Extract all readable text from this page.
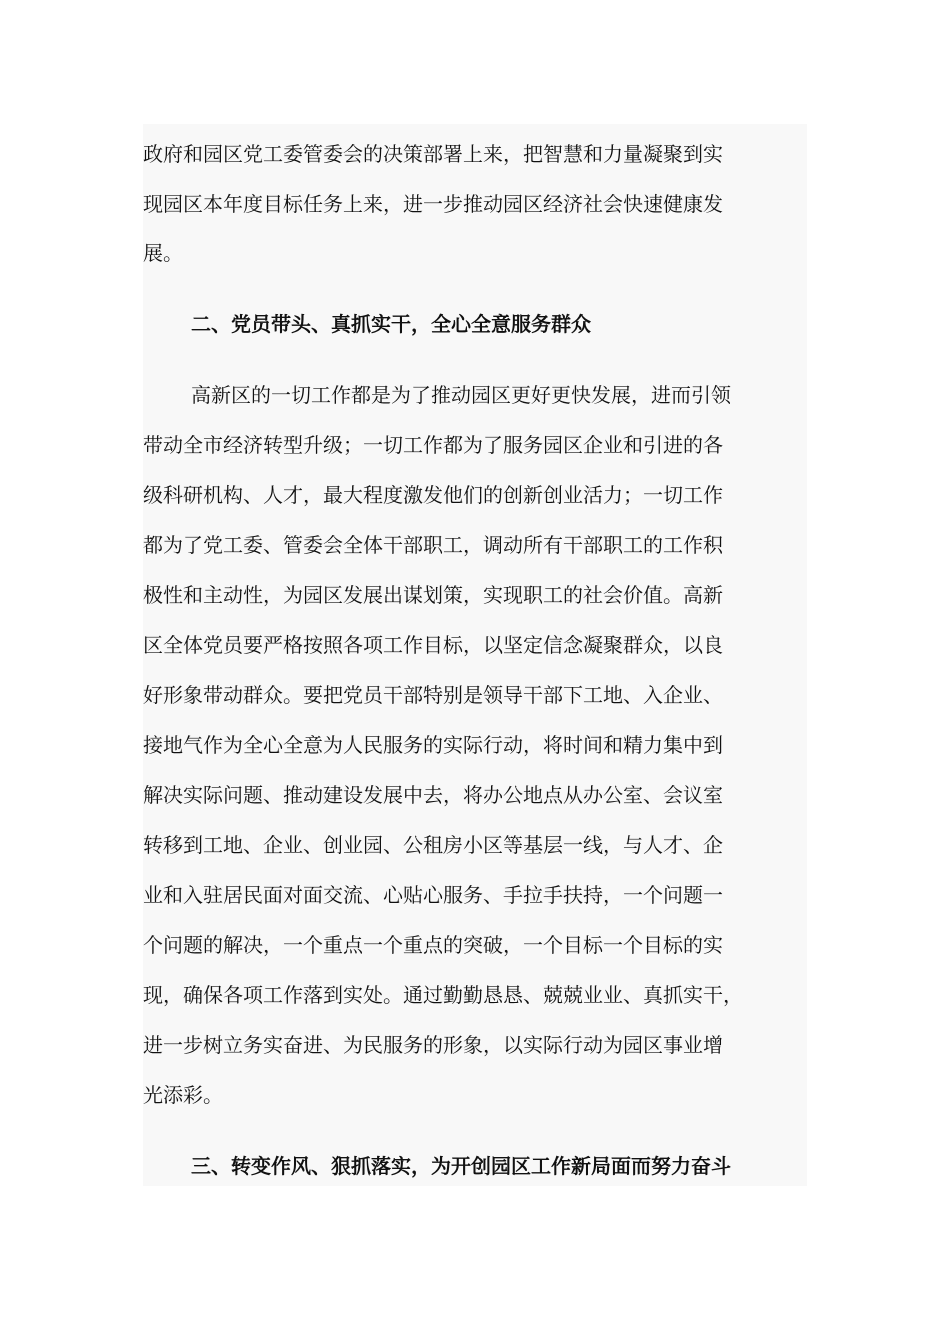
政府和园区党工委管委会的决策部署上来，把智慧和力量凝聚到实
现园区本年度目标任务上来，进一步推动园区经济社会快速健康发
展。
二、党员带头、真抓实干，全心全意服务群众
高新区的一切工作都是为了推动园区更好更快发展，进而引领
带动全市经济转型升级；一切工作都为了服务园区企业和引进的各
级科研机构、人才，最大程度激发他们的创新创业活力；一切工作
都为了党工委、管委会全体干部职工，调动所有干部职工的工作积
极性和主动性，为园区发展出谋划策，实现职工的社会价值。高新
区全体党员要严格按照各项工作目标，以坚定信念凝聚群众，以良
好形象带动群众。要把党员干部特别是领导干部下工地、入企业、
接地气作为全心全意为人民服务的实际行动，将时间和精力集中到
解决实际问题、推动建设发展中去，将办公地点从办公室、会议室
转移到工地、企业、创业园、公租房小区等基层一线，与人才、企
业和入驻居民面对面交流、心贴心服务、手拉手扶持，一个问题一
个问题的解决，一个重点一个重点的突破，一个目标一个目标的实
现，确保各项工作落到实处。通过勤勤恳恳、兢兢业业、真抓实干，
进一步树立务实奋进、为民服务的形象，以实际行动为园区事业增
光添彩。
三、转变作风、狠抓落实，为开创园区工作新局面而努力奋斗
